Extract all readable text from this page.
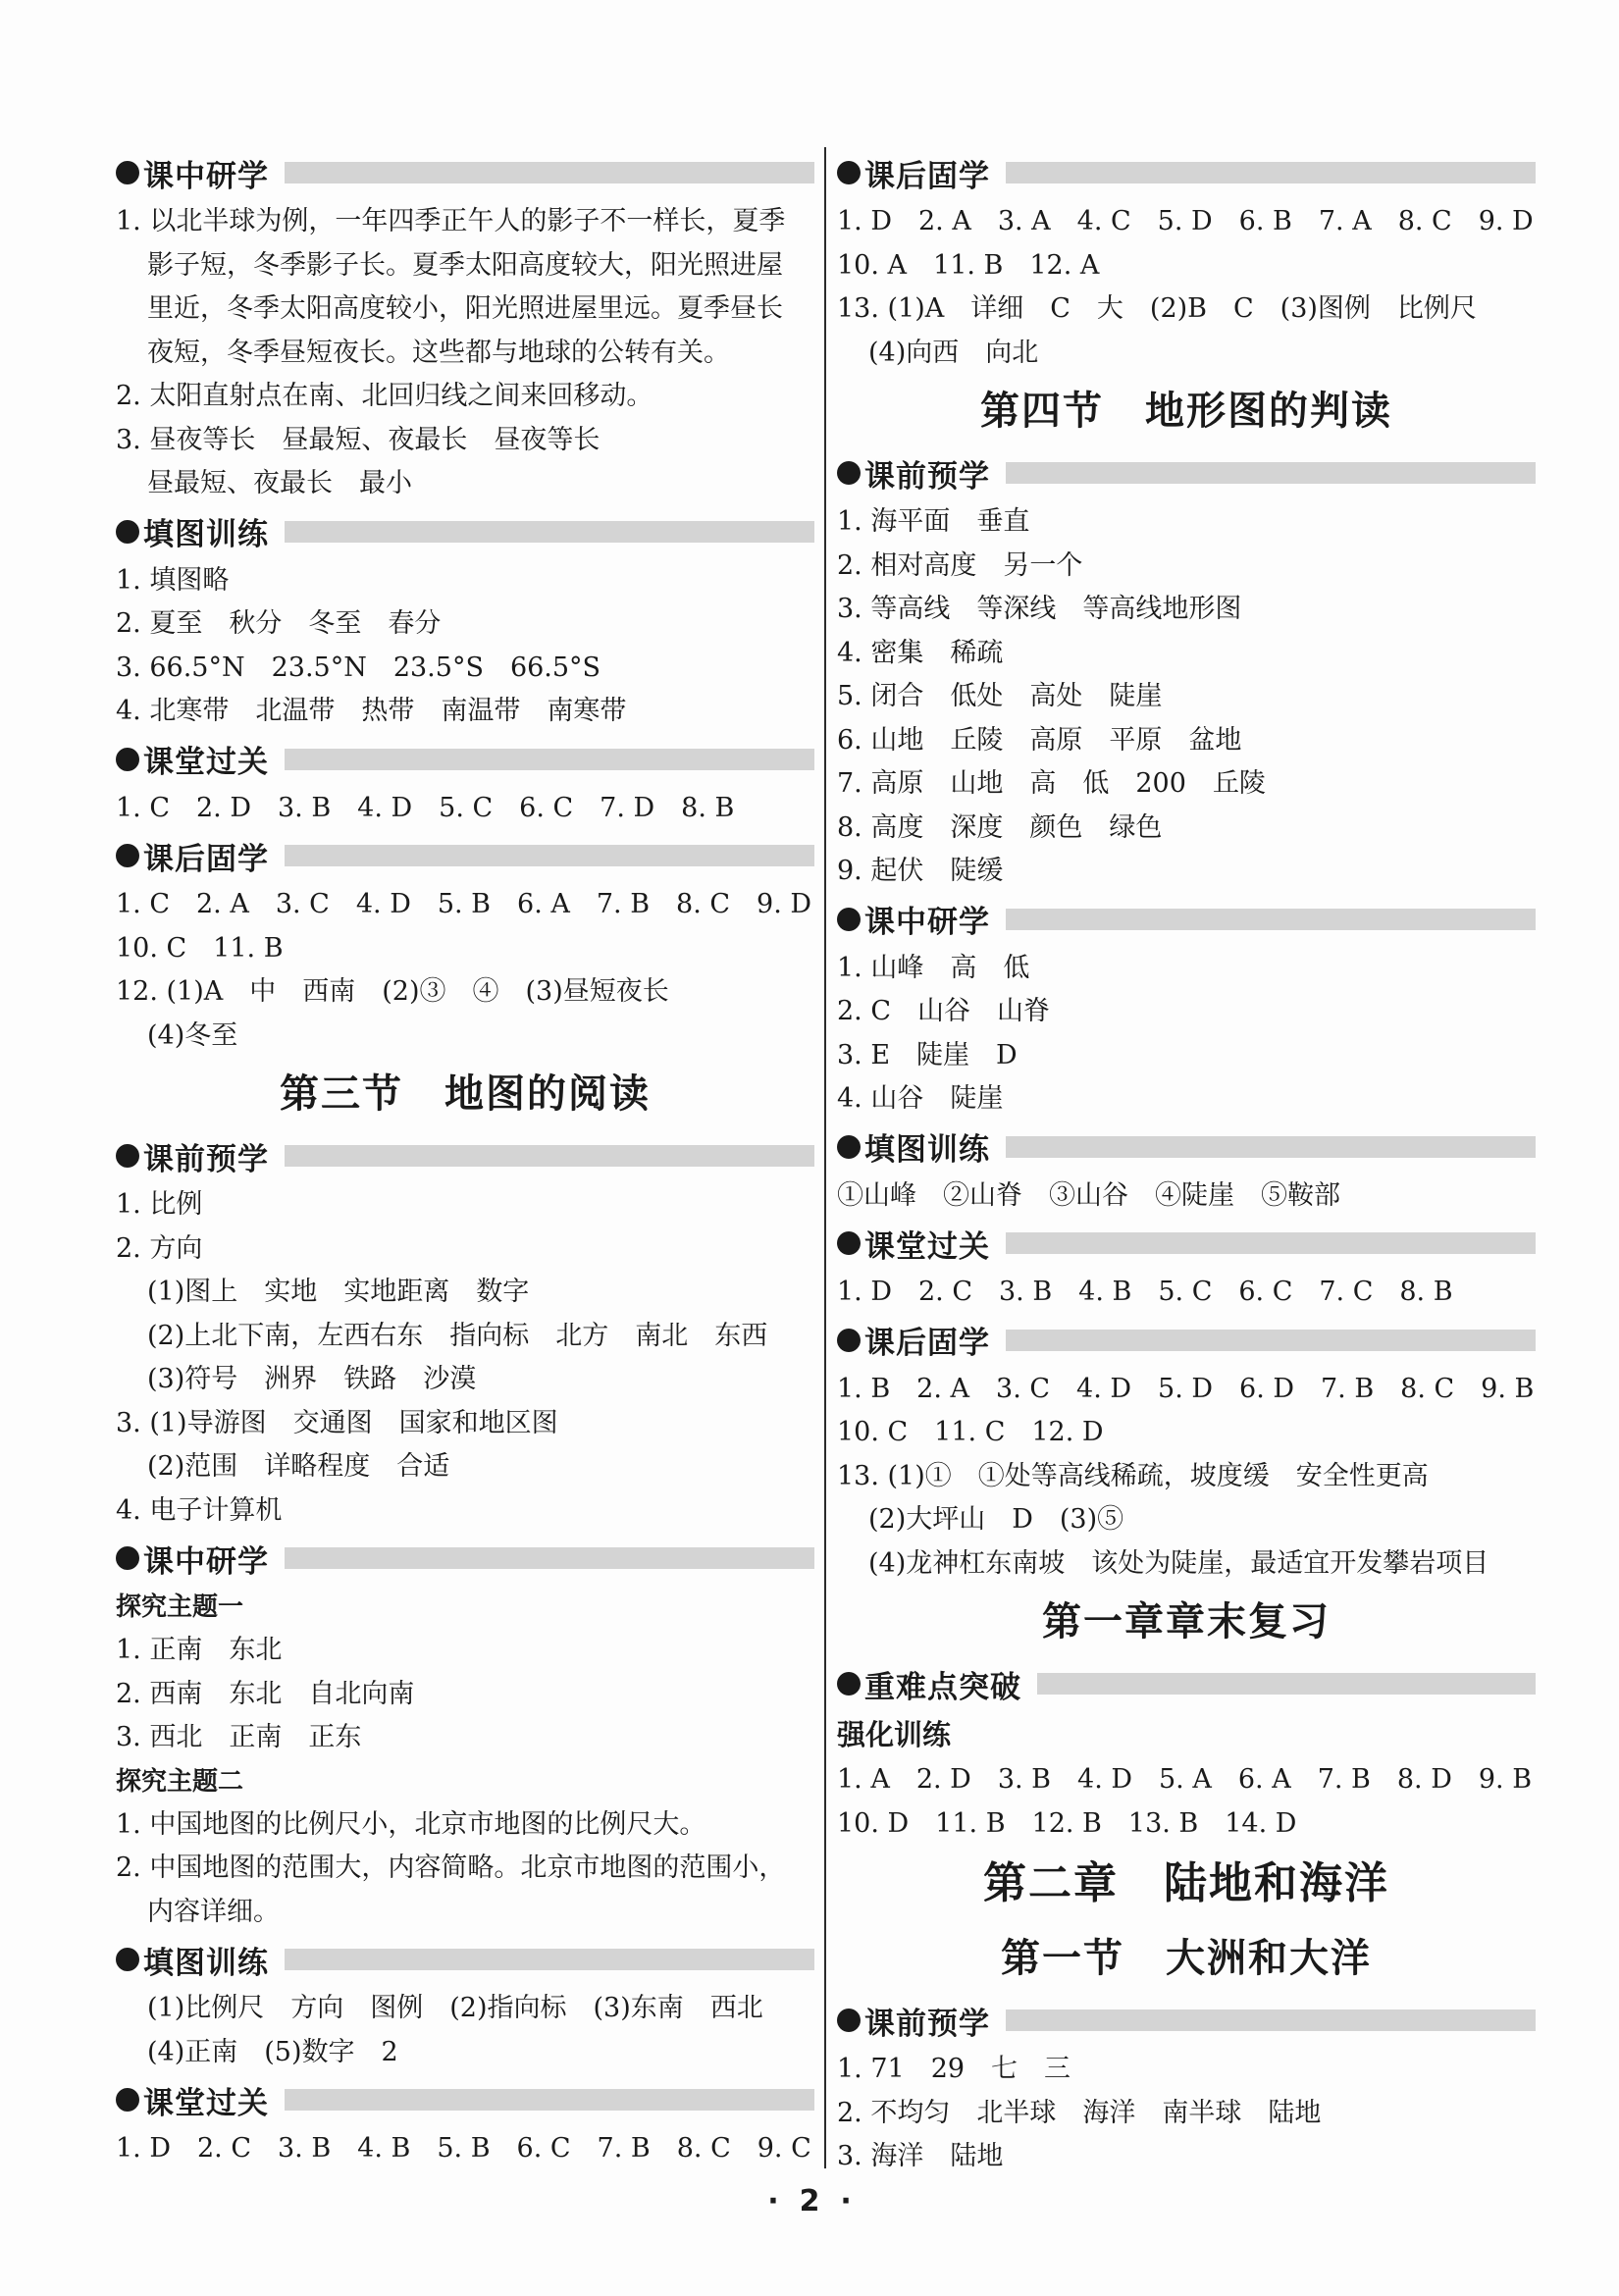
课中研学
1. 以北半球为例，一年四季正午人的影子不一样长，夏季
影子短，冬季影子长。夏季太阳高度较大，阳光照进屋
里近，冬季太阳高度较小，阳光照进屋里远。夏季昼长
夜短，冬季昼短夜长。这些都与地球的公转有关。
2. 太阳直射点在南、北回归线之间来回移动。
3. 昼夜等长　昼最短、夜最长　昼夜等长
昼最短、夜最长　最小
填图训练
1. 填图略
2. 夏至　秋分　冬至　春分
3. 66.5°N　23.5°N　23.5°S　66.5°S
4. 北寒带　北温带　热带　南温带　南寒带
课堂过关
1. C　2. D　3. B　4. D　5. C　6. C　7. D　8. B
课后固学
1. C　2. A　3. C　4. D　5. B　6. A　7. B　8. C　9. D
10. C　11. B
12. (1)A　中　西南　(2)③　④　(3)昼短夜长
(4)冬至
第三节　地图的阅读
课前预学
1. 比例
2. 方向
(1)图上　实地　实地距离　数字
(2)上北下南，左西右东　指向标　北方　南北　东西
(3)符号　洲界　铁路　沙漠
3. (1)导游图　交通图　国家和地区图
(2)范围　详略程度　合适
4. 电子计算机
课中研学
探究主题一
1. 正南　东北
2. 西南　东北　自北向南
3. 西北　正南　正东
探究主题二
1. 中国地图的比例尺小，北京市地图的比例尺大。
2. 中国地图的范围大，内容简略。北京市地图的范围小，
内容详细。
填图训练
(1)比例尺　方向　图例　(2)指向标　(3)东南　西北
(4)正南　(5)数字　2
课堂过关
1. D　2. C　3. B　4. B　5. B　6. C　7. B　8. C　9. C
课后固学
1. D　2. A　3. A　4. C　5. D　6. B　7. A　8. C　9. D
10. A　11. B　12. A
13. (1)A　详细　C　大　(2)B　C　(3)图例　比例尺
(4)向西　向北
第四节　地形图的判读
课前预学
1. 海平面　垂直
2. 相对高度　另一个
3. 等高线　等深线　等高线地形图
4. 密集　稀疏
5. 闭合　低处　高处　陡崖
6. 山地　丘陵　高原　平原　盆地
7. 高原　山地　高　低　200　丘陵
8. 高度　深度　颜色　绿色
9. 起伏　陡缓
课中研学
1. 山峰　高　低
2. C　山谷　山脊
3. E　陡崖　D
4. 山谷　陡崖
填图训练
①山峰　②山脊　③山谷　④陡崖　⑤鞍部
课堂过关
1. D　2. C　3. B　4. B　5. C　6. C　7. C　8. B
课后固学
1. B　2. A　3. C　4. D　5. D　6. D　7. B　8. C　9. B
10. C　11. C　12. D
13. (1)①　①处等高线稀疏，坡度缓　安全性更高
(2)大坪山　D　(3)⑤
(4)龙神杠东南坡　该处为陡崖，最适宜开发攀岩项目
第一章章末复习
重难点突破
强化训练
1. A　2. D　3. B　4. D　5. A　6. A　7. B　8. D　9. B
10. D　11. B　12. B　13. B　14. D
第二章　陆地和海洋
第一节　大洲和大洋
课前预学
1. 71　29　七　三
2. 不均匀　北半球　海洋　南半球　陆地
3. 海洋　陆地
·  2  ·
